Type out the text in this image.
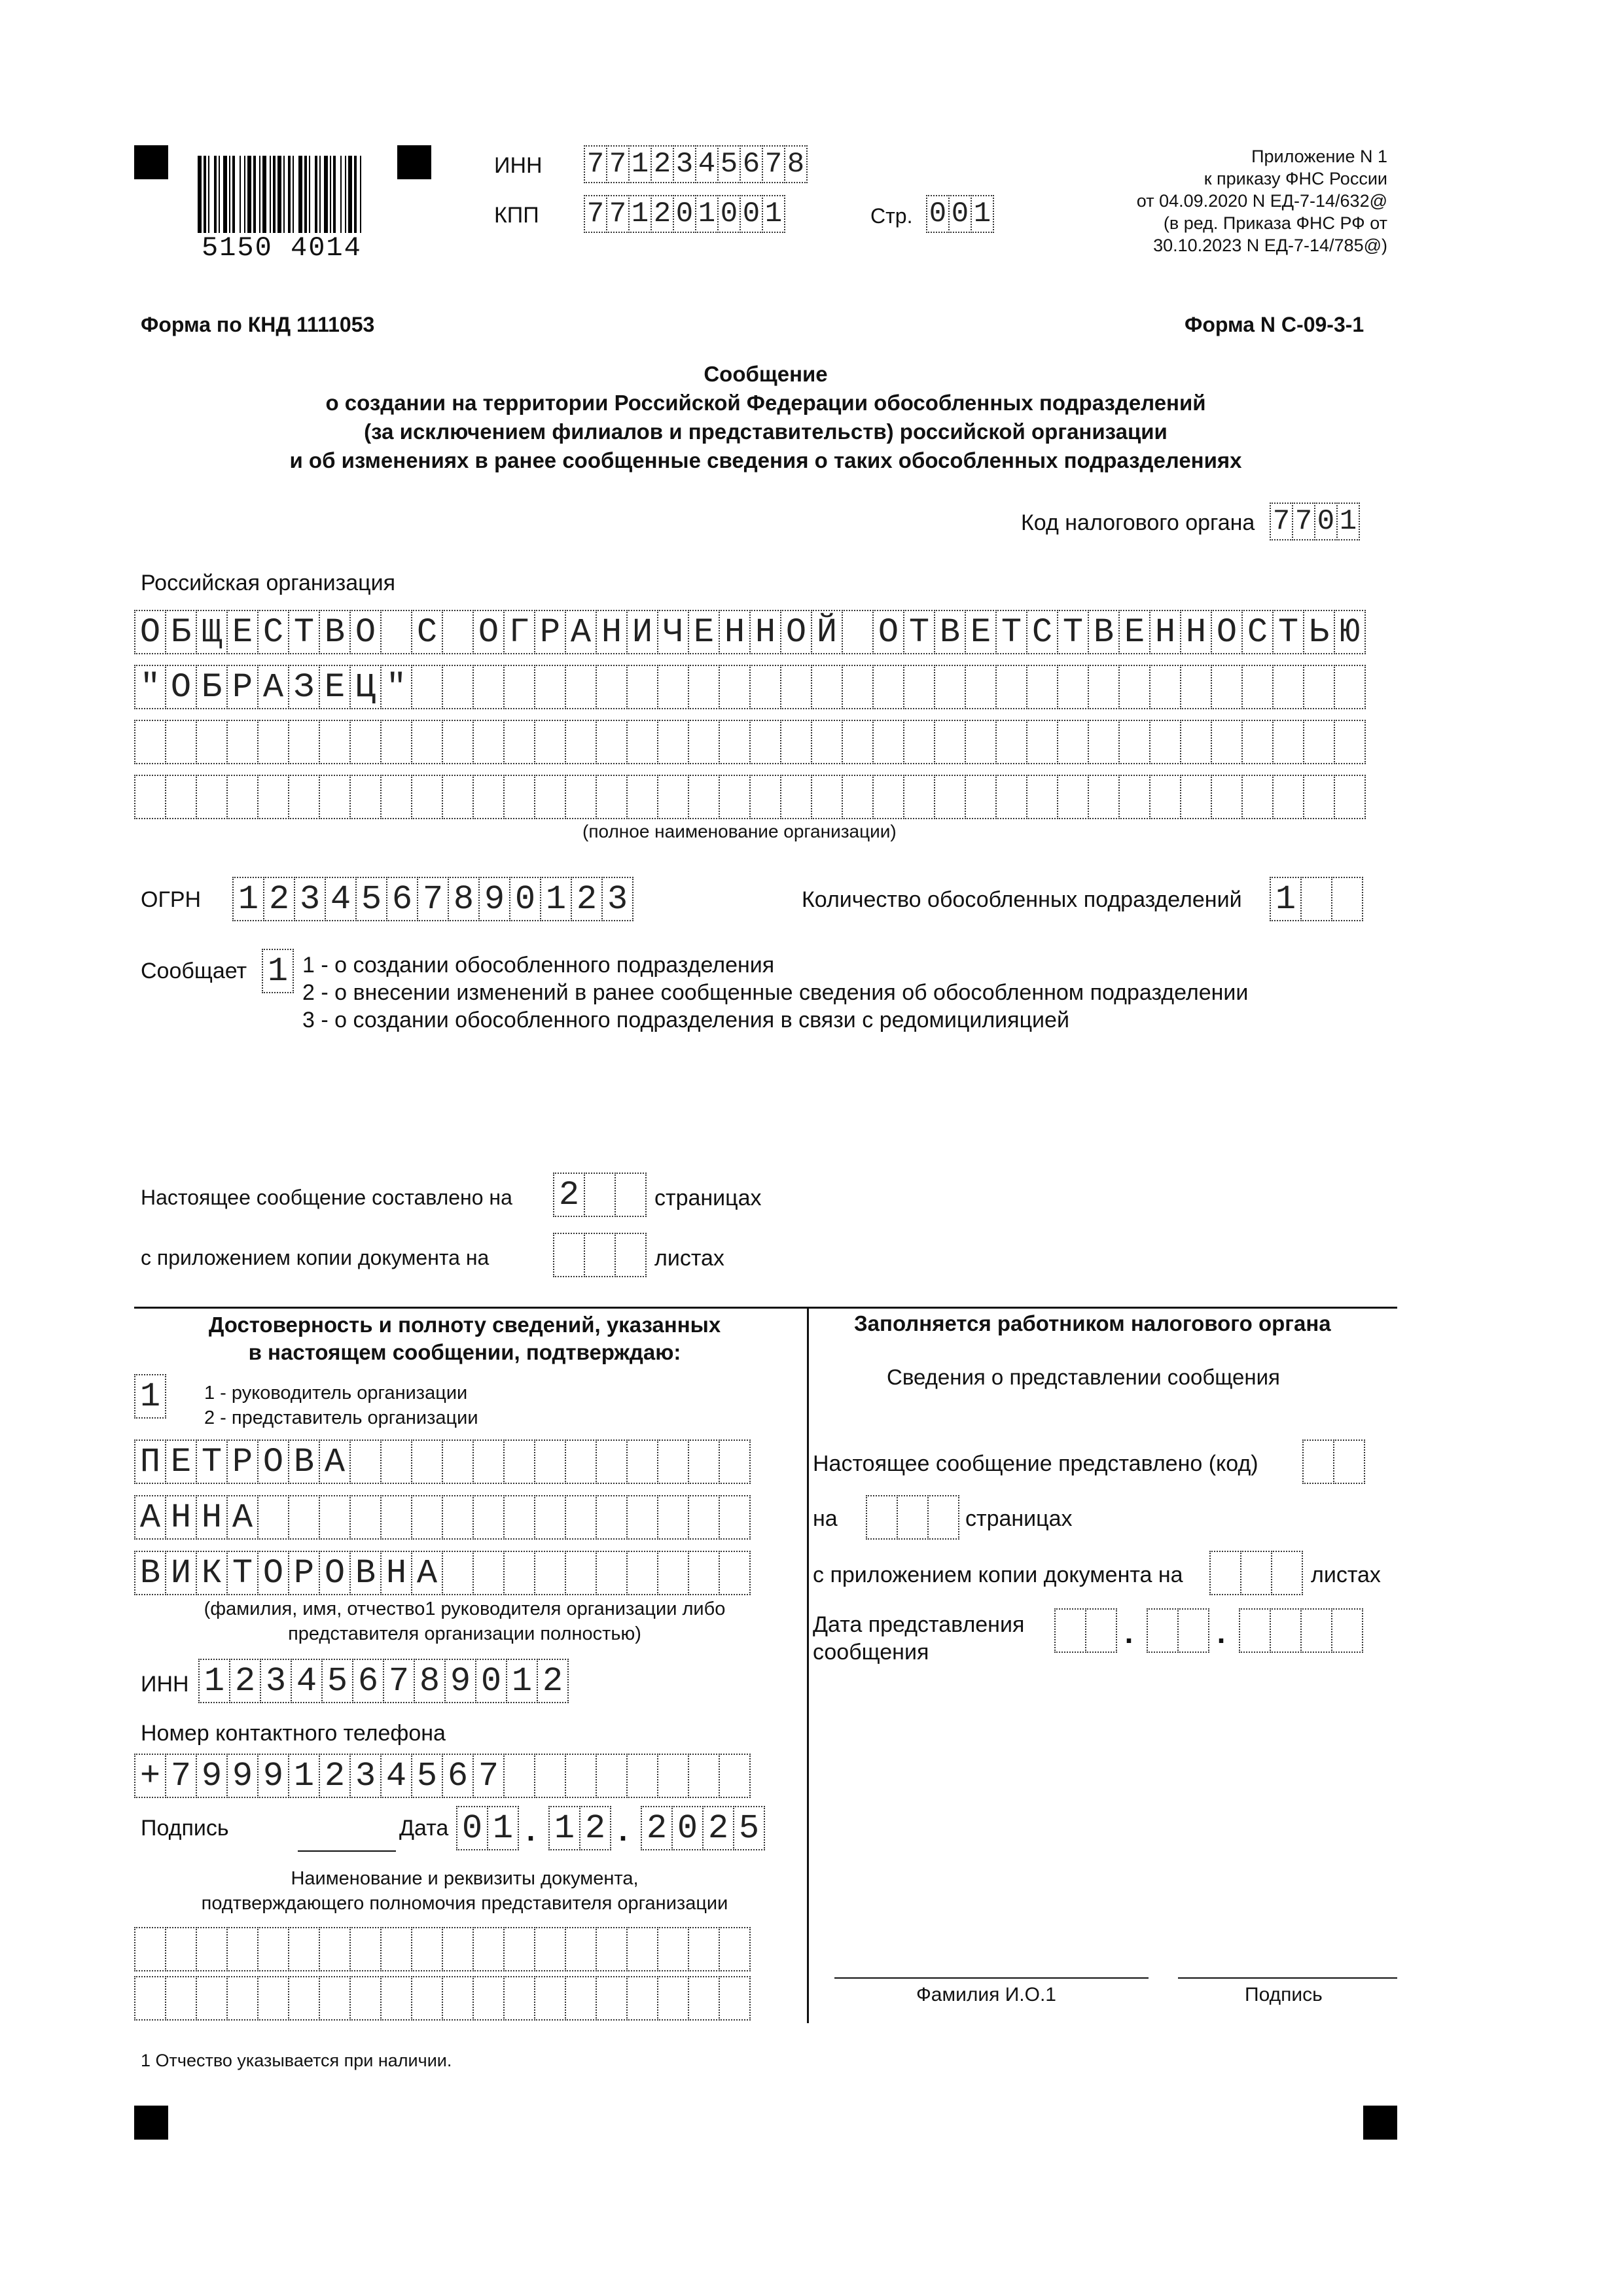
5150 4014
ИНН 7 7 1 2 3 4 5 6 7 8
КПП 7 7 1 2 0 1 0 0 1	Стр. 0 0 1
Приложение N 1
к приказу ФНС России
от 04.09.2020 N ЕД-7-14/632@
(в ред. Приказа ФНС РФ от
30.10.2023 N ЕД-7-14/785@)
Форма по КНД 1111053	Форма N С-09-3-1
Сообщение
о создании на территории Российской Федерации обособленных подразделений
(за исключением филиалов и представительств) российской организации
и об изменениях в ранее сообщенные сведения о таких обособленных подразделениях
Код налогового органа 7 7 0 1
Российская организация
О Б Щ Е С Т В О С О Г Р А Н И Ч Е Н Н О Й О Т В Е Т С Т В Е Н Н О С Т Ь Ю
" О Б Р А З Е Ц "
(полное наименование организации)
ОГРН 1 2 3 4 5 6 7 8 9 0 1 2 3	Количество обособленных подразделений 1
Сообщает 1 1 - о создании обособленного подразделения
2 - о внесении изменений в ранее сообщенные сведения об обособленном подразделении
3 - о создании обособленного подразделения в связи с редомицилияцией
Настоящее сообщение составлено на 2	страницах
с приложением копии документа на	листах
Достоверность и полноту сведений, указанных
в настоящем сообщении, подтверждаю:
1	1 - руководитель организации
2 - представитель организации
П Е Т Р О В А
А Н Н А
В И К Т О Р О В Н А
(фамилия, имя, отчество1 руководителя организации либо
представителя организации полностью)
ИНН 1 2 3 4 5 6 7 8 9 0 1 2
Номер контактного телефона
+ 7 9 9 9 1 2 3 4 5 6 7
Подпись	Дата 0 1 . 1 2 . 2 0 2 5
Наименование и реквизиты документа,
подтверждающего полномочия представителя организации
Заполняется работником налогового органа
Сведения о представлении сообщения
Настоящее сообщение представлено (код)
на	страницах
с приложением копии документа на	листах
Дата представления
сообщения
.	.
Фамилия И.О.1	Подпись
1 Отчество указывается при наличии.
